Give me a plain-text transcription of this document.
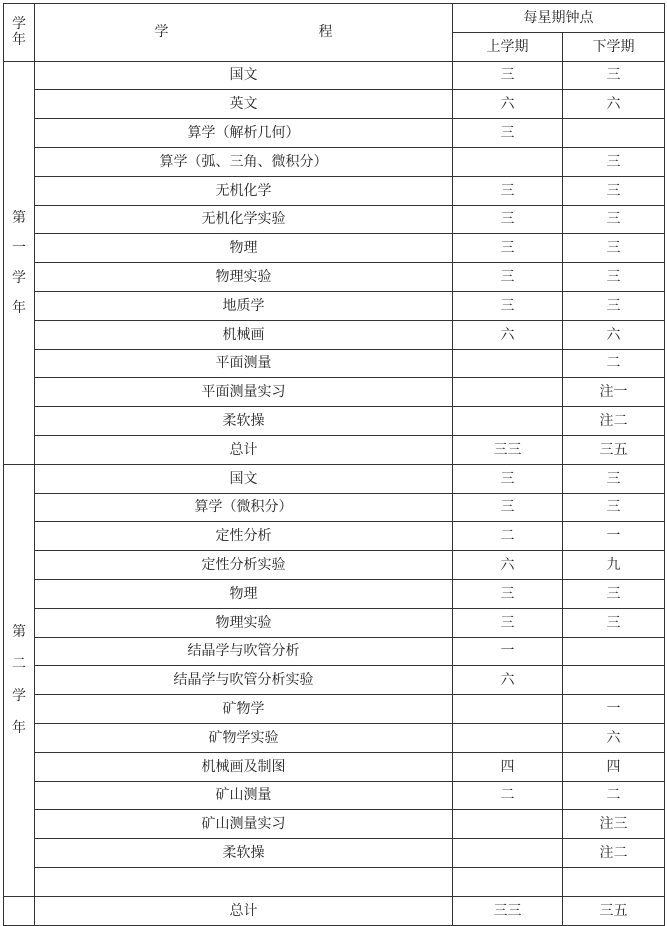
学
年	学 程	每星期钟点	
		上学期	下学期

第
一
学
年	国文	三	三
	英文	六	六
	算学（解析几何）	三	
	算学（弧、三角、微积分）		三
	无机化学	三	三
	无机化学实验	三	三
	物理	三	三
	物理实验	三	三
	地质学	三	三
	机械画	六	六
	平面测量		二
	平面测量实习		注一
	柔软操		注二
	总计	三三	三五

第
二
学
年	国文	三	三
	算学（微积分）	三	三
	定性分析	二	一
	定性分析实验	六	九
	物理	三	三
	物理实验	三	三
	结晶学与吹管分析	一	
	结晶学与吹管分析实验	六	
	矿物学		一
	矿物学实验		六
	机械画及制图	四	四
	矿山测量	二	二
	矿山测量实习		注三
	柔软操		注二

	总计	三三	三五
